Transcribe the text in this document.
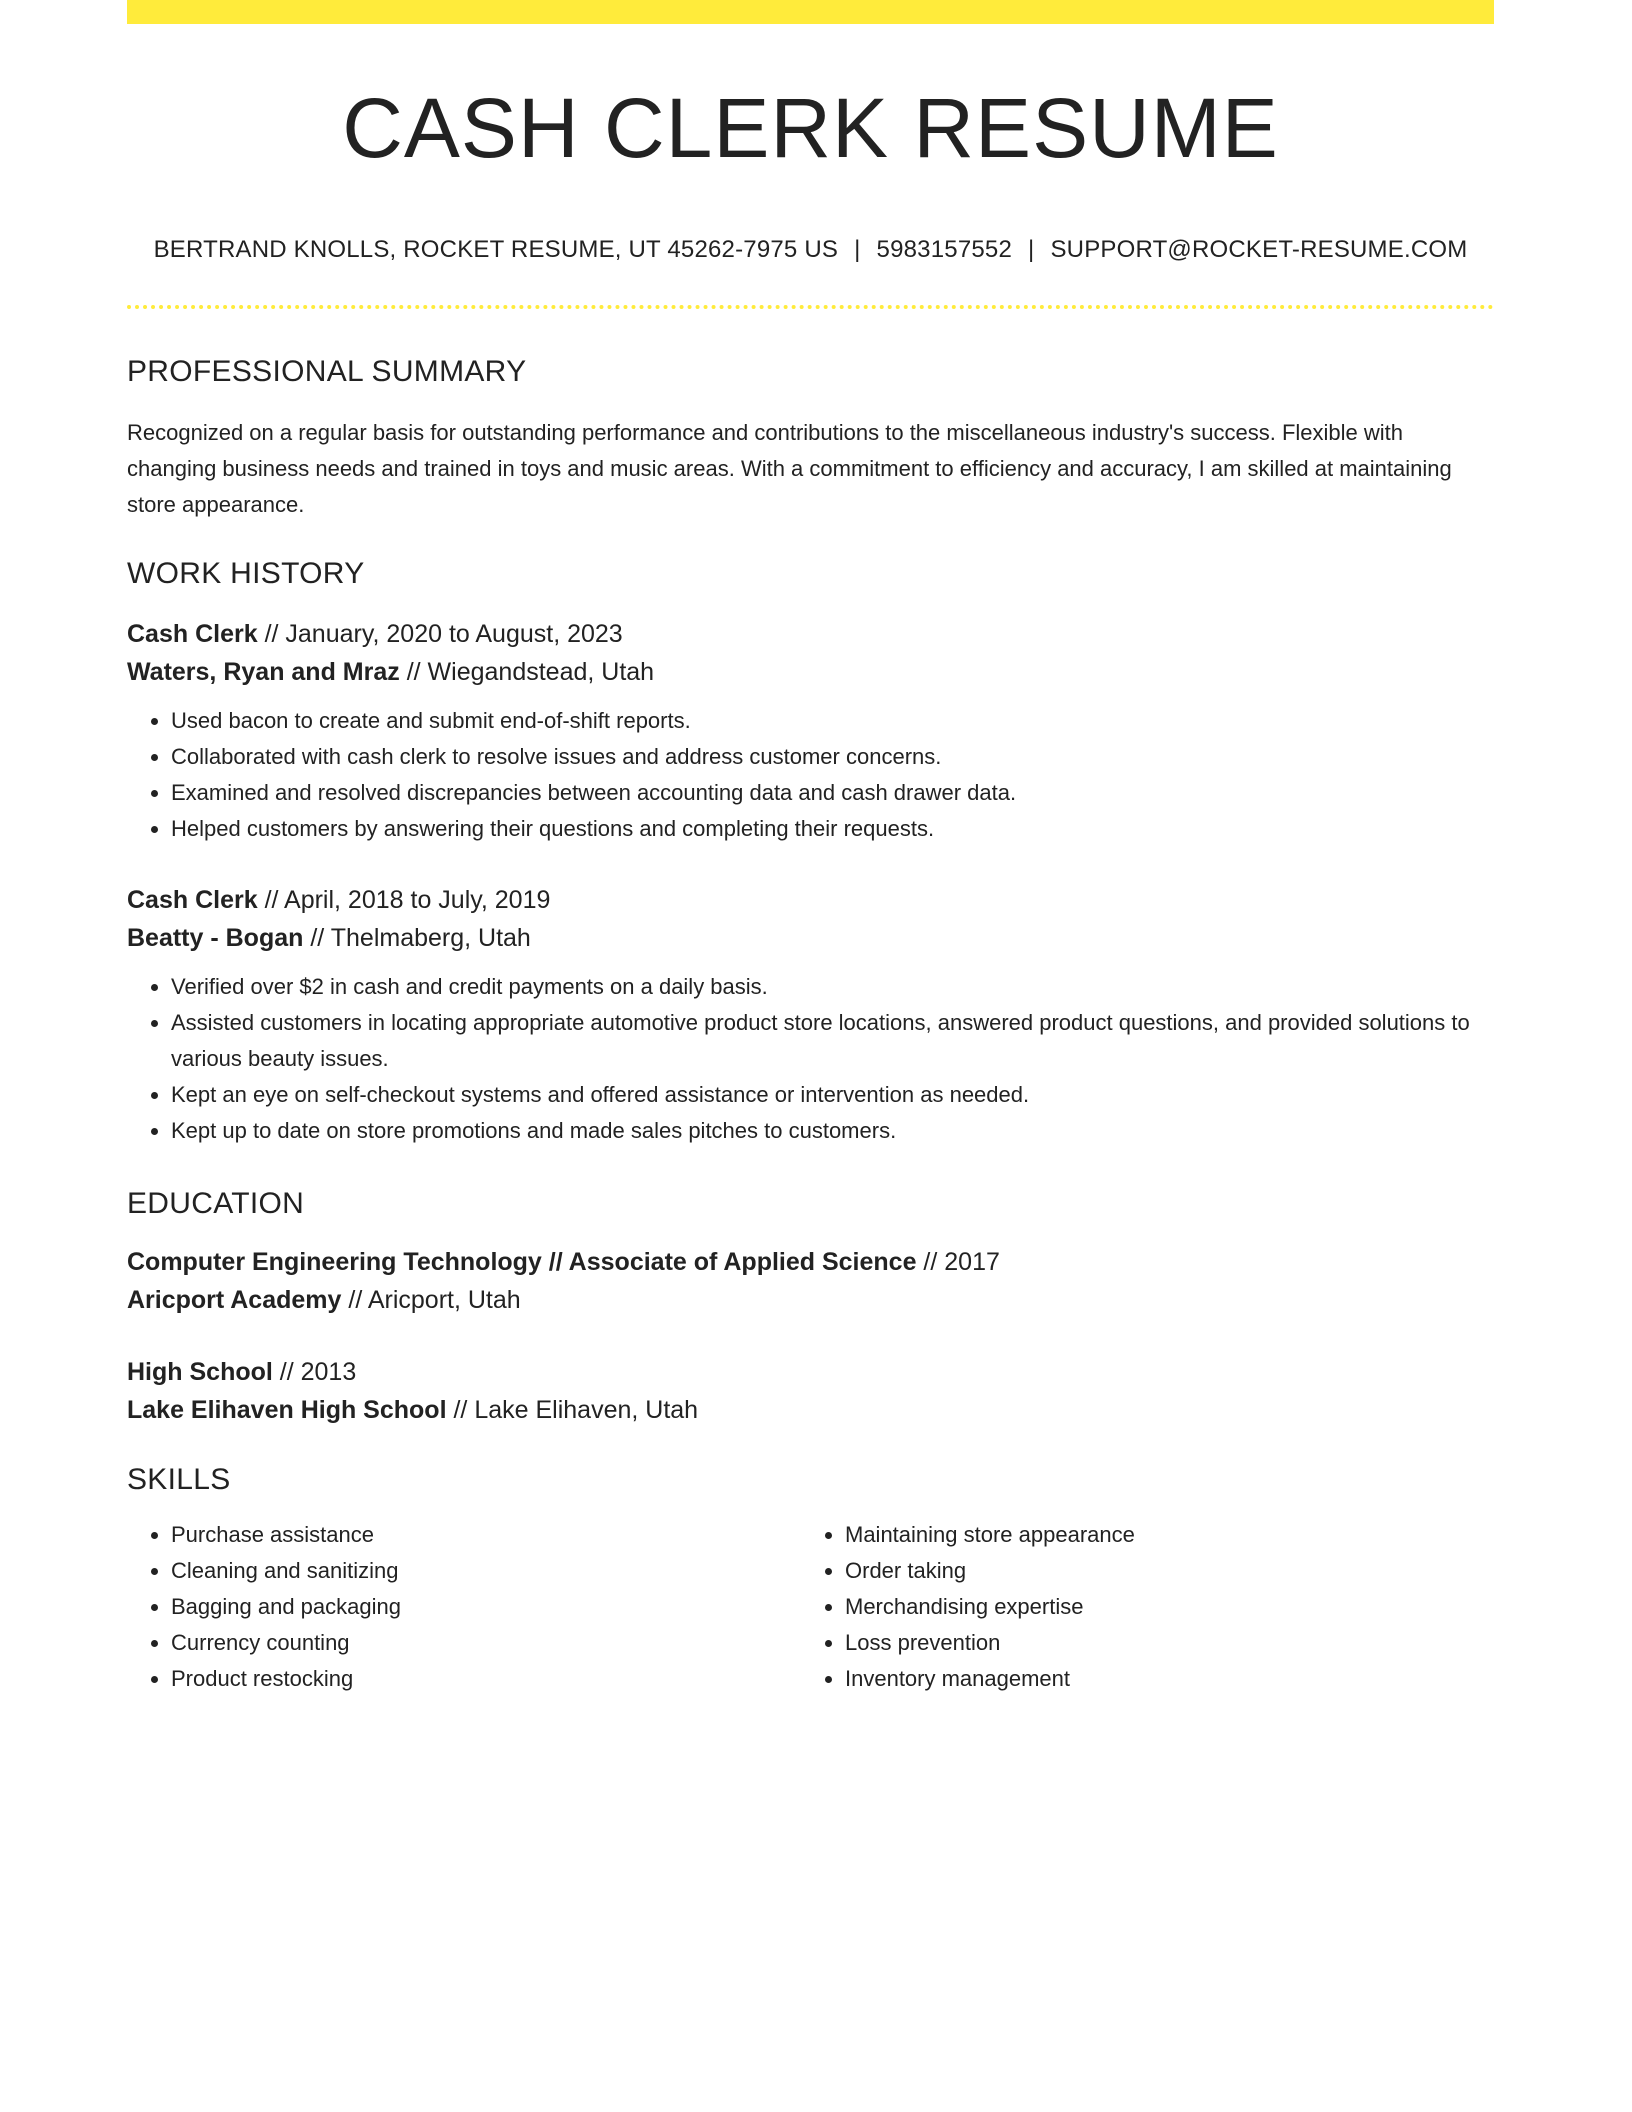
CASH CLERK RESUME
BERTRAND KNOLLS, ROCKET RESUME, UT 45262-7975 US | 5983157552 | SUPPORT@ROCKET-RESUME.COM
PROFESSIONAL SUMMARY
Recognized on a regular basis for outstanding performance and contributions to the miscellaneous industry's success. Flexible with changing business needs and trained in toys and music areas. With a commitment to efficiency and accuracy, I am skilled at maintaining store appearance.
WORK HISTORY
Cash Clerk // January, 2020 to August, 2023
Waters, Ryan and Mraz // Wiegandstead, Utah
• Used bacon to create and submit end-of-shift reports.
• Collaborated with cash clerk to resolve issues and address customer concerns.
• Examined and resolved discrepancies between accounting data and cash drawer data.
• Helped customers by answering their questions and completing their requests.
Cash Clerk // April, 2018 to July, 2019
Beatty - Bogan // Thelmaberg, Utah
• Verified over $2 in cash and credit payments on a daily basis.
• Assisted customers in locating appropriate automotive product store locations, answered product questions, and provided solutions to various beauty issues.
• Kept an eye on self-checkout systems and offered assistance or intervention as needed.
• Kept up to date on store promotions and made sales pitches to customers.
EDUCATION
Computer Engineering Technology // Associate of Applied Science // 2017
Aricport Academy // Aricport, Utah
High School // 2013
Lake Elihaven High School // Lake Elihaven, Utah
SKILLS
• Purchase assistance
• Cleaning and sanitizing
• Bagging and packaging
• Currency counting
• Product restocking
• Maintaining store appearance
• Order taking
• Merchandising expertise
• Loss prevention
• Inventory management
